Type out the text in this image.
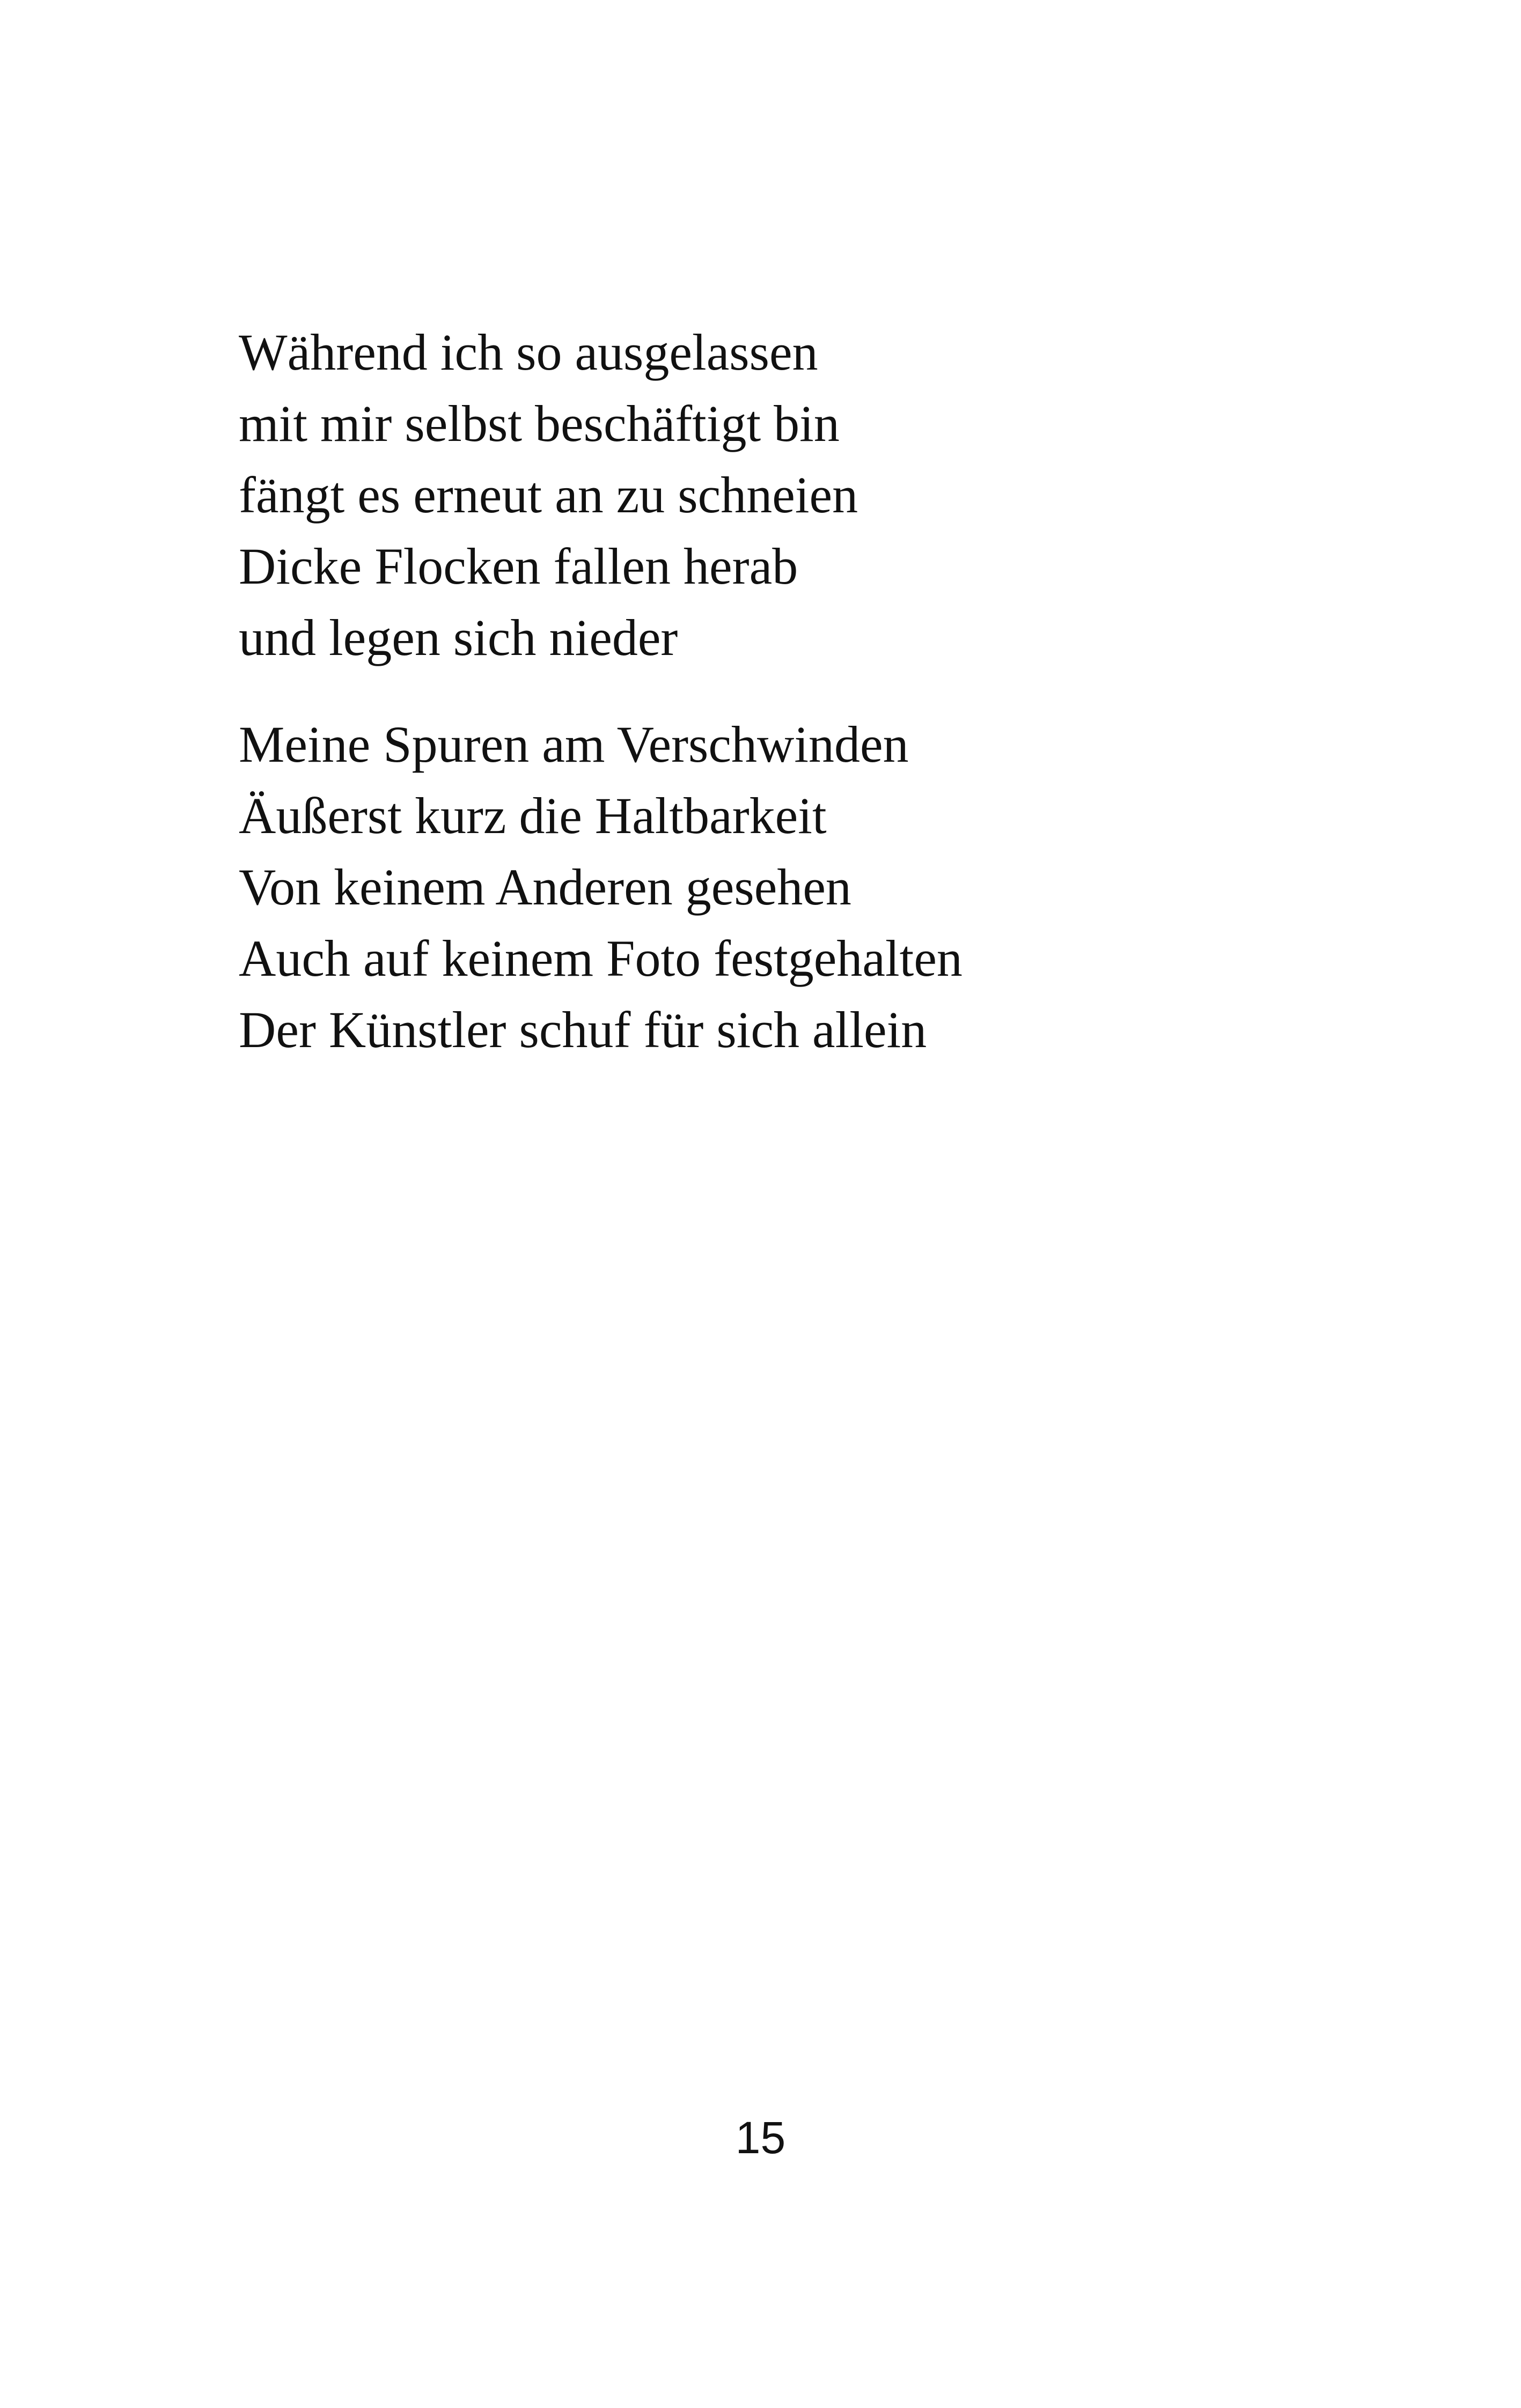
Während ich so ausgelassen
mit mir selbst beschäftigt bin
fängt es erneut an zu schneien
Dicke Flocken fallen herab
und legen sich nieder
Meine Spuren am Verschwinden
Äußerst kurz die Haltbarkeit
Von keinem Anderen gesehen
Auch auf keinem Foto festgehalten
Der Künstler schuf für sich allein
15
